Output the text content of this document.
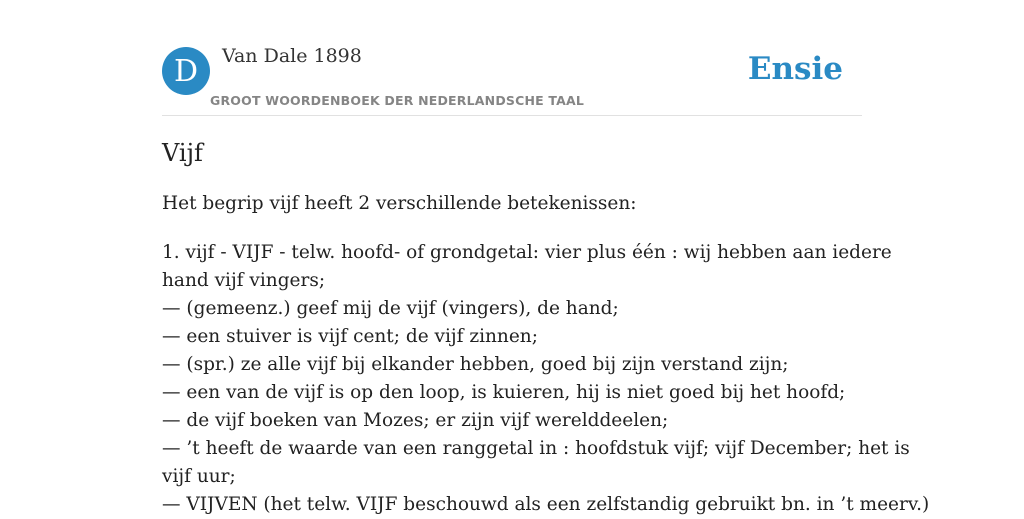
D Van Dale 1898
GROOT WOORDENBOEK DER NEDERLANDSCHE TAAL
Ensie
Vijf

Het begrip vijf heeft 2 verschillende betekenissen:

1. vijf - VIJF - telw. hoofd- of grondgetal: vier plus één : wij hebben aan iedere
hand vijf vingers;
— (gemeenz.) geef mij de vijf (vingers), de hand;
— een stuiver is vijf cent; de vijf zinnen;
— (spr.) ze alle vijf bij elkander hebben, goed bij zijn verstand zijn;
— een van de vijf is op den loop, is kuieren, hij is niet goed bij het hoofd;
— de vijf boeken van Mozes; er zijn vijf werelddeelen;
— ’t heeft de waarde van een ranggetal in : hoofdstuk vijf; vijf December; het is
vijf uur;
— VIJVEN (het telw. VIJF beschouwd als een zelfstandig gebruikt bn. in ’t meerv.)
